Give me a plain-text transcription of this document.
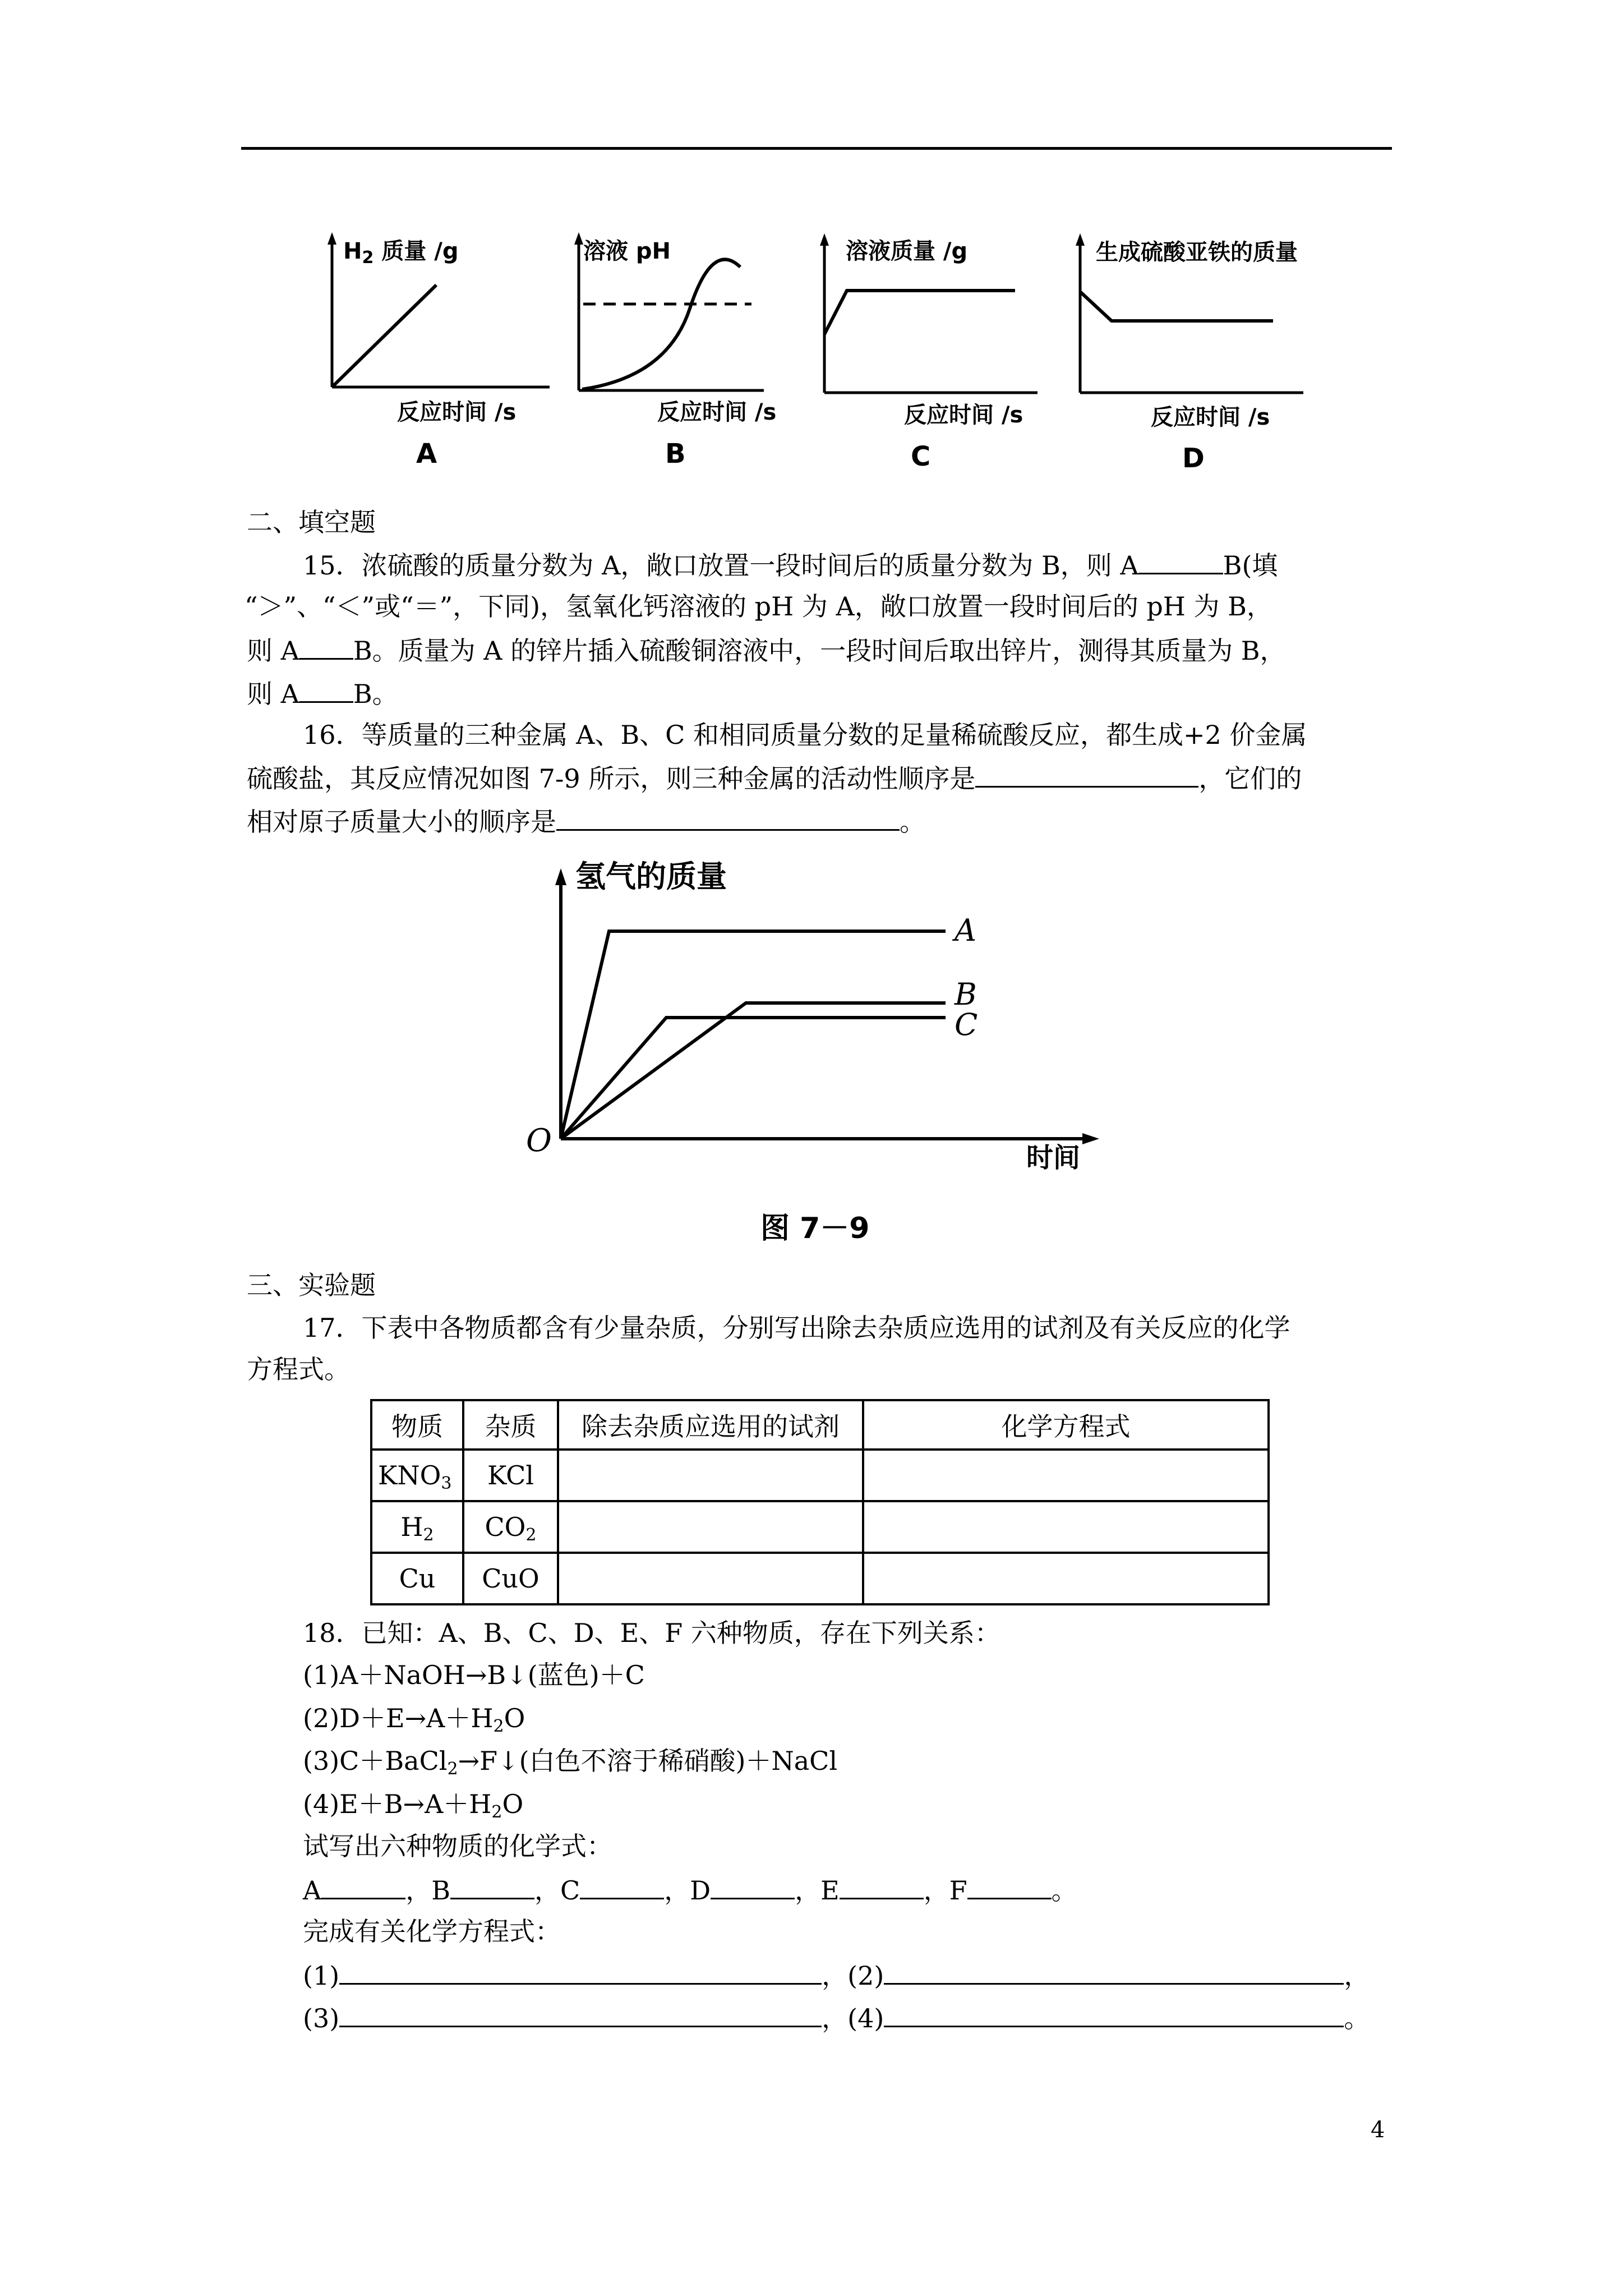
$H_2$ 质量 /g
反应时间 /s
A
溶液 pH
反应时间 /s
B
溶液质量 /g
反应时间 /s
C
生成硫酸亚铁的质量
反应时间 /s
D
二、填空题
15．浓硫酸的质量分数为 A，敞口放置一段时间后的质量分数为 B，则 A	B(填
“＞”、“＜”或“＝”，下同)，氢氧化钙溶液的 pH 为 A，敞口放置一段时间后的 pH 为 B，
则 A B。质量为 A 的锌片插入硫酸铜溶液中，一段时间后取出锌片，测得其质量为 B，
则 A B。
16．等质量的三种金属 A、B、C 和相同质量分数的足量稀硫酸反应，都生成+2 价金属
硫酸盐，其反应情况如图 7-9 所示，则三种金属的活动性顺序是	，它们的
相对原子质量大小的顺序是	。
氢气的质量
A
B
C
O	时间
图 7－9
三、实验题
17．下表中各物质都含有少量杂质，分别写出除去杂质应选用的试剂及有关反应的化学
方程式。
物质	杂质	除去杂质应选用的试剂	化学方程式
$KNO_3$	KCl		
$H_2$	$CO_2$		
Cu	CuO		
18．已知：A、B、C、D、E、F 六种物质，存在下列关系：
(1)A＋NaOH→B↓(蓝色)＋C
$(2)D+E\to A+H_2O$
(3)C＋BaCl$_2$→F↓(白色不溶于稀硝酸)＋NaCl
$(4)E+B\to A+H_2O$
试写出六种物质的化学式：
A	，B	，C	，D	，E	，F	。
完成有关化学方程式：
(1)	，(2)	，
(3)	，(4)	。
4
